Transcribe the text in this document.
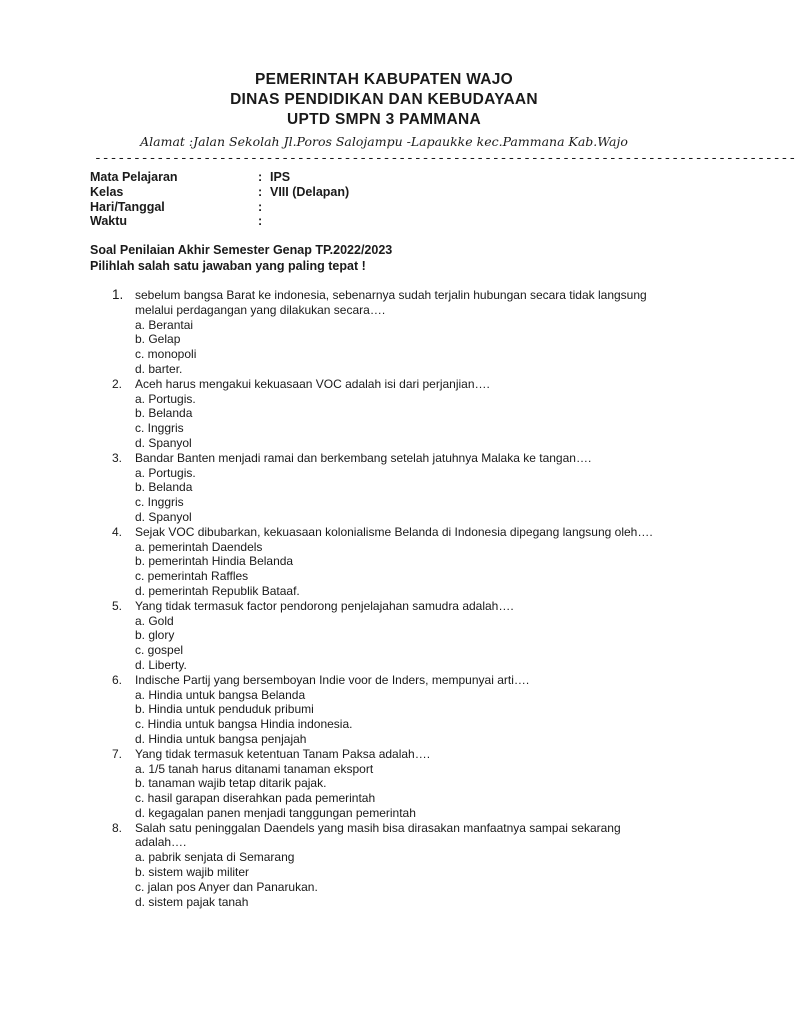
PEMERINTAH KABUPATEN WAJO
DINAS PENDIDIKAN DAN KEBUDAYAAN
UPTD SMPN 3 PAMMANA
Alamat :Jalan Sekolah Jl.Poros Salojampu -Lapaukke kec.Pammana Kab.Wajo
------------------------------------------------------------------------------------------
Mata Pelajaran	: IPS
Kelas	: VIII (Delapan)
Hari/Tanggal	:
Waktu	:
Soal Penilaian Akhir Semester Genap TP.2022/2023
Pilihlah salah satu jawaban yang paling tepat !
1. sebelum bangsa Barat ke indonesia, sebenarnya sudah terjalin hubungan secara tidak langsung melalui perdagangan yang dilakukan secara….
a. Berantai
b. Gelap
c. monopoli
d. barter.
2. Aceh harus mengakui kekuasaan VOC adalah isi dari perjanjian….
a. Portugis.
b. Belanda
c. Inggris
d. Spanyol
3. Bandar Banten menjadi ramai dan berkembang setelah jatuhnya Malaka ke tangan….
a. Portugis.
b. Belanda
c. Inggris
d. Spanyol
4. Sejak VOC dibubarkan, kekuasaan kolonialisme Belanda di Indonesia dipegang langsung oleh….
a. pemerintah Daendels
b. pemerintah Hindia Belanda
c. pemerintah Raffles
d. pemerintah Republik Bataaf.
5. Yang tidak termasuk factor pendorong penjelajahan samudra adalah….
a. Gold
b. glory
c. gospel
d. Liberty.
6. Indische Partij yang bersemboyan Indie voor de Inders, mempunyai arti….
a. Hindia untuk bangsa Belanda
b. Hindia untuk penduduk pribumi
c. Hindia untuk bangsa Hindia indonesia.
d. Hindia untuk bangsa penjajah
7. Yang tidak termasuk ketentuan Tanam Paksa adalah….
a. 1/5 tanah harus ditanami tanaman eksport
b. tanaman wajib tetap ditarik pajak.
c. hasil garapan diserahkan pada pemerintah
d. kegagalan panen menjadi tanggungan pemerintah
8. Salah satu peninggalan Daendels yang masih bisa dirasakan manfaatnya sampai sekarang adalah….
a. pabrik senjata di Semarang
b. sistem wajib militer
c. jalan pos Anyer dan Panarukan.
d. sistem pajak tanah
